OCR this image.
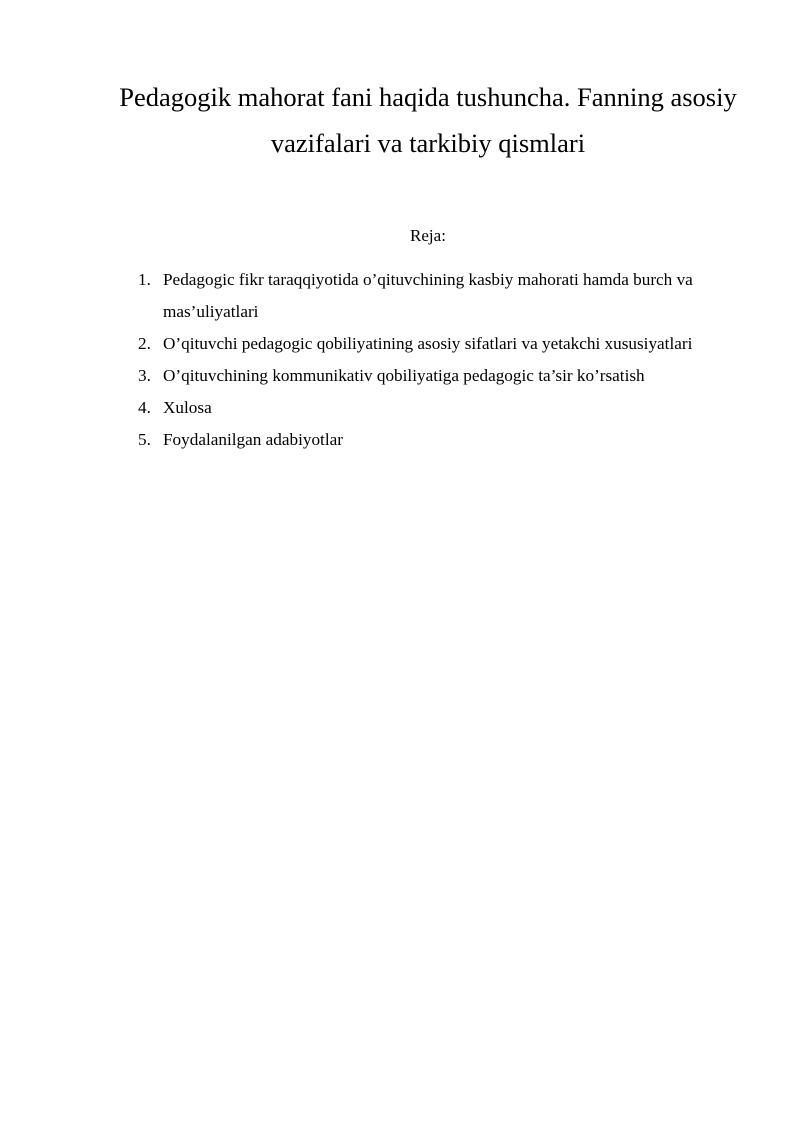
Pedagogik mahorat fani haqida tushuncha. Fanning asosiy
vazifalari va tarkibiy qismlari

Reja:

1. Pedagogic fikr taraqqiyotida o’qituvchining kasbiy mahorati hamda burch va
mas’uliyatlari
2. O’qituvchi pedagogic qobiliyatining asosiy sifatlari va yetakchi xususiyatlari
3. O’qituvchining kommunikativ qobiliyatiga pedagogic ta’sir ko’rsatish
4. Xulosa
5. Foydalanilgan adabiyotlar
